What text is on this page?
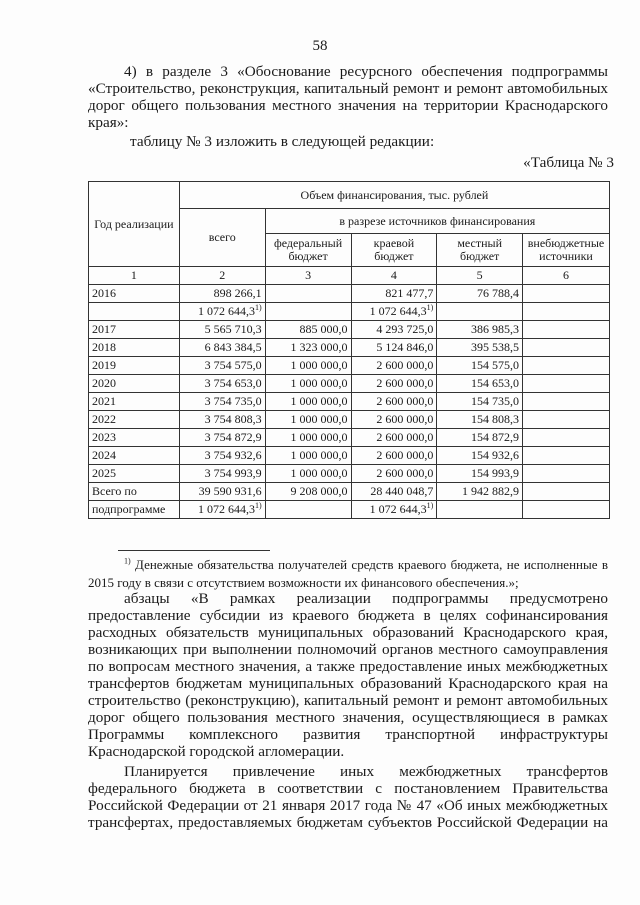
58
4) в разделе 3 «Обоснование ресурсного обеспечения подпрограммы
«Строительство, реконструкция, капитальный ремонт и ремонт автомобильных
дорог общего пользования местного значения на территории Краснодарского
края»:
таблицу № 3 изложить в следующей редакции:
«Таблица № 3
Год реализации	Объем финансирования, тыс. рублей				
	всего	в разрезе источников финансирования			
		федеральный бюджет	краевой бюджет	местный бюджет	внебюджетные источники
1	2	3	4	5	6
2016	898 266,1		821 477,7	76 788,4	
	1 072 644,3$^{1)}$		1 072 644,3$^{1)}$		
2017	5 565 710,3	885 000,0	4 293 725,0	386 985,3	
2018	6 843 384,5	1 323 000,0	5 124 846,0	395 538,5	
2019	3 754 575,0	1 000 000,0	2 600 000,0	154 575,0	
2020	3 754 653,0	1 000 000,0	2 600 000,0	154 653,0	
2021	3 754 735,0	1 000 000,0	2 600 000,0	154 735,0	
2022	3 754 808,3	1 000 000,0	2 600 000,0	154 808,3	
2023	3 754 872,9	1 000 000,0	2 600 000,0	154 872,9	
2024	3 754 932,6	1 000 000,0	2 600 000,0	154 932,6	
2025	3 754 993,9	1 000 000,0	2 600 000,0	154 993,9	
Всего по	39 590 931,6	9 208 000,0	28 440 048,7	1 942 882,9	
подпрограмме	1 072 644,3$^{1)}$		1 072 644,3$^{1)}$		
$^{1)}$ Денежные обязательства получателей средств краевого бюджета, не исполненные в 2015 году в связи с отсутствием возможности их финансового обеспечения.»;
абзацы «В рамках реализации подпрограммы предусмотрено
предоставление субсидии из краевого бюджета в целях софинансирования
расходных обязательств муниципальных образований Краснодарского края,
возникающих при выполнении полномочий органов местного самоуправления
по вопросам местного значения, а также предоставление иных межбюджетных
трансфертов бюджетам муниципальных образований Краснодарского края на
строительство (реконструкцию), капитальный ремонт и ремонт автомобильных
дорог общего пользования местного значения, осуществляющиеся в рамках
Программы комплексного развития транспортной инфраструктуры
Краснодарской городской агломерации.
Планируется привлечение иных межбюджетных трансфертов
федерального бюджета в соответствии с постановлением Правительства
Российской Федерации от 21 января 2017 года № 47 «Об иных межбюджетных
трансфертах, предоставляемых бюджетам субъектов Российской Федерации на
